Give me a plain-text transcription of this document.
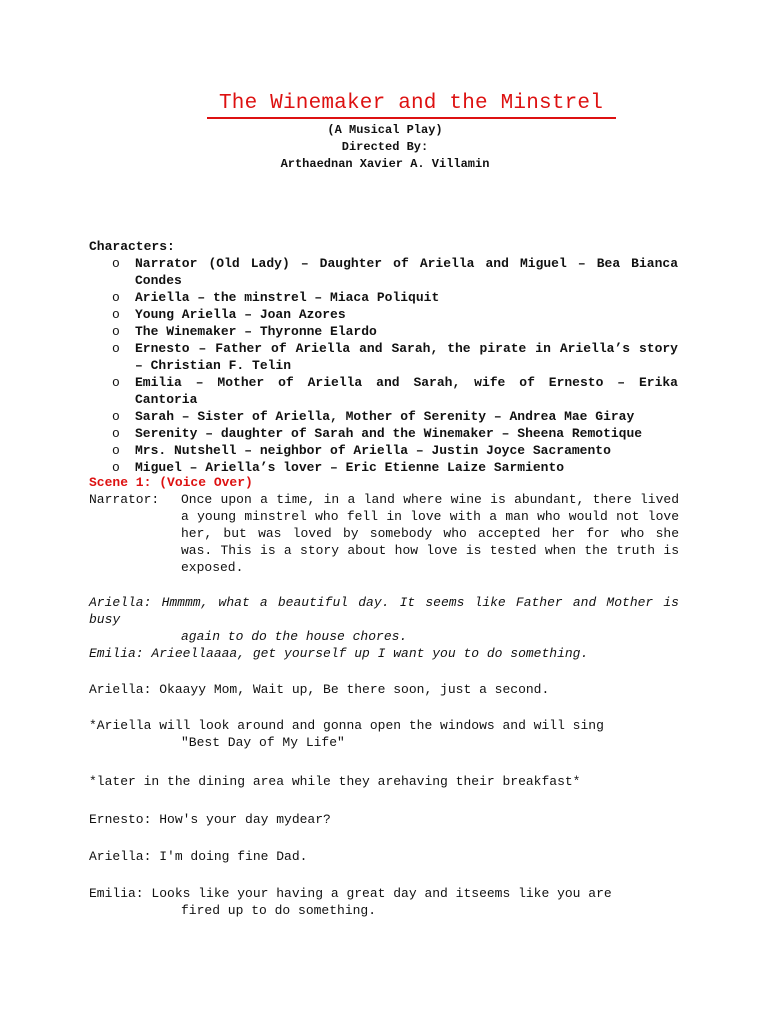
The Winemaker and the Minstrel
(A Musical Play)
Directed By:
Arthaednan Xavier A. Villamin
Characters:
o Narrator (Old Lady) – Daughter of Ariella and Miguel – Bea Bianca Condes
o Ariella – the minstrel – Miaca Poliquit
o Young Ariella – Joan Azores
o The Winemaker – Thyronne Elardo
o Ernesto – Father of Ariella and Sarah, the pirate in Ariella’s story – Christian F. Telin
o Emilia – Mother of Ariella and Sarah, wife of Ernesto – Erika Cantoria
o Sarah – Sister of Ariella, Mother of Serenity – Andrea Mae Giray
o Serenity – daughter of Sarah and the Winemaker – Sheena Remotique
o Mrs. Nutshell – neighbor of Ariella – Justin Joyce Sacramento
o Miguel – Ariella’s lover – Eric Etienne Laize Sarmiento
Scene 1: (Voice Over)
Narrator: Once upon a time, in a land where wine is abundant, there lived a young minstrel who fell in love with a man who would not love her, but was loved by somebody who accepted her for who she was. This is a story about how love is tested when the truth is exposed.
Ariella: Hmmmm, what a beautiful day. It seems like Father and Mother is busy
again to do the house chores.
Emilia: Arieellaaaa, get yourself up I want you to do something.
Ariella: Okaayy Mom, Wait up, Be there soon, just a second.
*Ariella will look around and gonna open the windows and will sing
"Best Day of My Life"
*later in the dining area while they arehaving their breakfast*
Ernesto: How's your day mydear?
Ariella: I'm doing fine Dad.
Emilia: Looks like your having a great day and itseems like you are
fired up to do something.
